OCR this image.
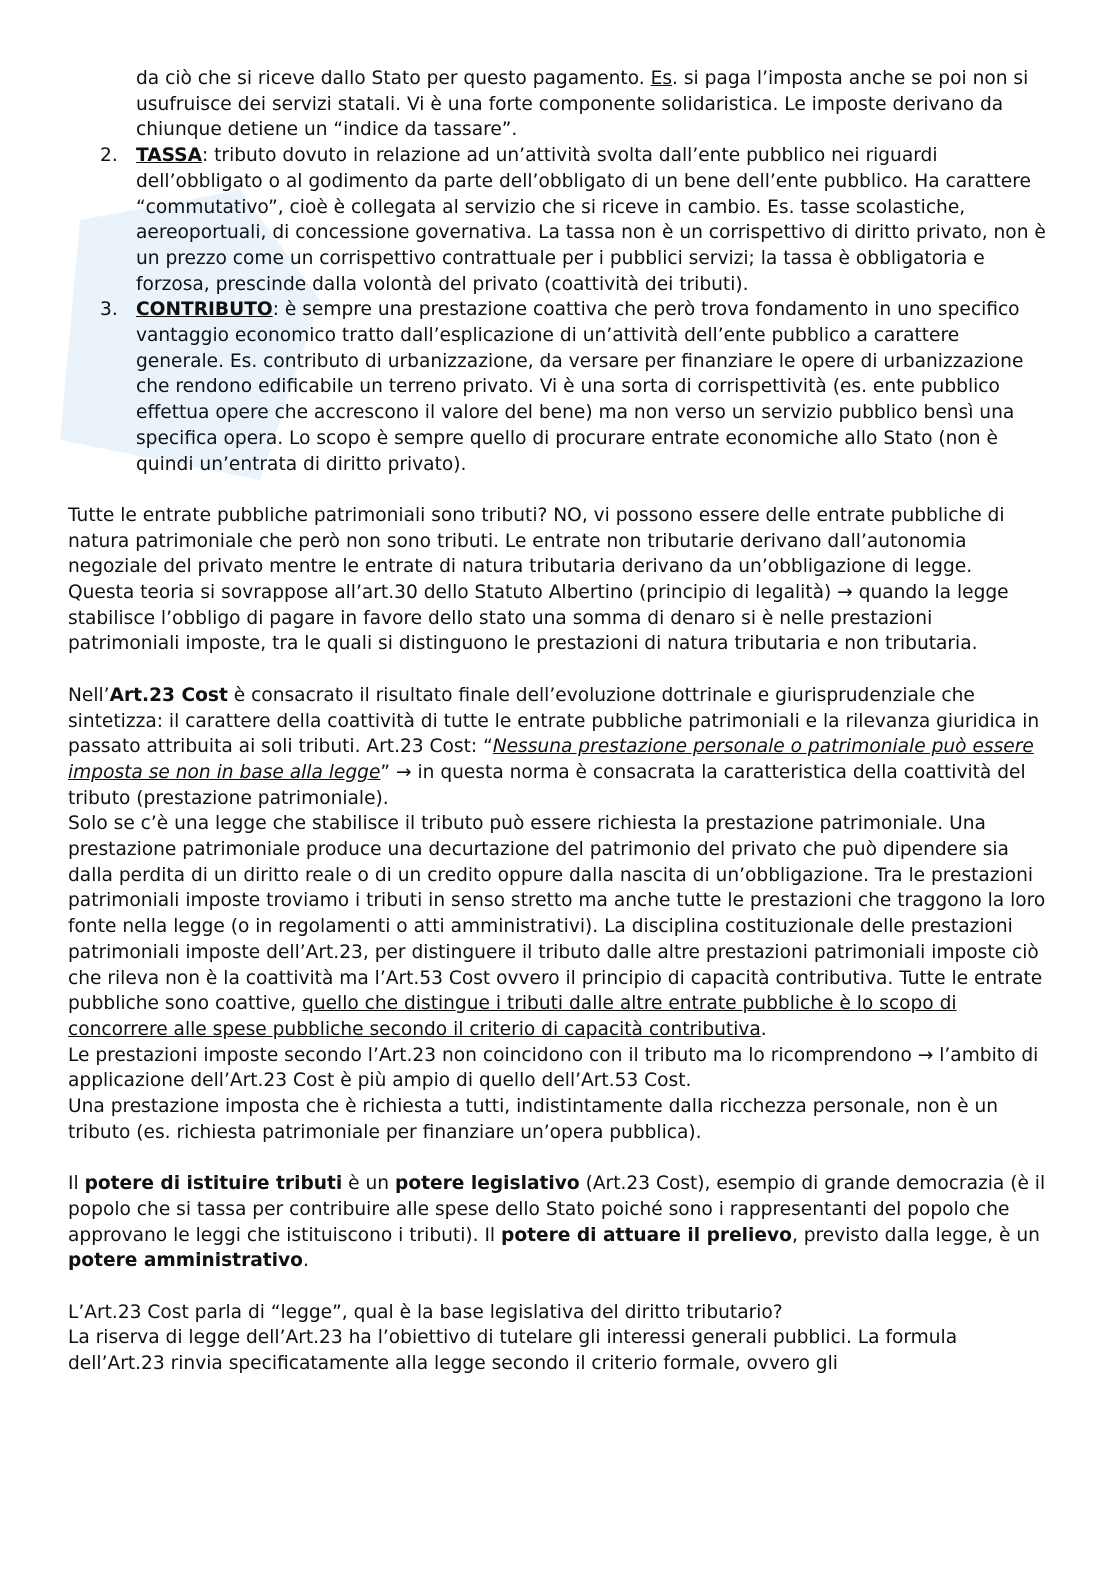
da ciò che si riceve dallo Stato per questo pagamento. Es. si paga l’imposta anche se poi non si usufruisce dei servizi statali. Vi è una forte componente solidaristica. Le imposte derivano da chiunque detiene un “indice da tassare”.

2. TASSA: tributo dovuto in relazione ad un’attività svolta dall’ente pubblico nei riguardi dell’obbligato o al godimento da parte dell’obbligato di un bene dell’ente pubblico. Ha carattere “commutativo”, cioè è collegata al servizio che si riceve in cambio. Es. tasse scolastiche, aereoportuali, di concessione governativa. La tassa non è un corrispettivo di diritto privato, non è un prezzo come un corrispettivo contrattuale per i pubblici servizi; la tassa è obbligatoria e forzosa, prescinde dalla volontà del privato (coattività dei tributi).
3. CONTRIBUTO: è sempre una prestazione coattiva che però trova fondamento in uno specifico vantaggio economico tratto dall’esplicazione di un’attività dell’ente pubblico a carattere generale. Es. contributo di urbanizzazione, da versare per finanziare le opere di urbanizzazione che rendono edificabile un terreno privato. Vi è una sorta di corrispettività (es. ente pubblico effettua opere che accrescono il valore del bene) ma non verso un servizio pubblico bensì una specifica opera. Lo scopo è sempre quello di procurare entrate economiche allo Stato (non è quindi un’entrata di diritto privato).

Tutte le entrate pubbliche patrimoniali sono tributi? NO, vi possono essere delle entrate pubbliche di natura patrimoniale che però non sono tributi. Le entrate non tributarie derivano dall’autonomia negoziale del privato mentre le entrate di natura tributaria derivano da un’obbligazione di legge.

Questa teoria si sovrappose all’art.30 dello Statuto Albertino (principio di legalità) → quando la legge stabilisce l’obbligo di pagare in favore dello stato una somma di denaro si è nelle prestazioni patrimoniali imposte, tra le quali si distinguono le prestazioni di natura tributaria e non tributaria.

Nell’Art.23 Cost è consacrato il risultato finale dell’evoluzione dottrinale e giurisprudenziale che sintetizza: il carattere della coattività di tutte le entrate pubbliche patrimoniali e la rilevanza giuridica in passato attribuita ai soli tributi. Art.23 Cost: “Nessuna prestazione personale o patrimoniale può essere imposta se non in base alla legge” → in questa norma è consacrata la caratteristica della coattività del tributo (prestazione patrimoniale).

Solo se c’è una legge che stabilisce il tributo può essere richiesta la prestazione patrimoniale. Una prestazione patrimoniale produce una decurtazione del patrimonio del privato che può dipendere sia dalla perdita di un diritto reale o di un credito oppure dalla nascita di un’obbligazione. Tra le prestazioni patrimoniali imposte troviamo i tributi in senso stretto ma anche tutte le prestazioni che traggono la loro fonte nella legge (o in regolamenti o atti amministrativi). La disciplina costituzionale delle prestazioni patrimoniali imposte dell’Art.23, per distinguere il tributo dalle altre prestazioni patrimoniali imposte ciò che rileva non è la coattività ma l’Art.53 Cost ovvero il principio di capacità contributiva. Tutte le entrate pubbliche sono coattive, quello che distingue i tributi dalle altre entrate pubbliche è lo scopo di concorrere alle spese pubbliche secondo il criterio di capacità contributiva.

Le prestazioni imposte secondo l’Art.23 non coincidono con il tributo ma lo ricomprendono → l’ambito di applicazione dell’Art.23 Cost è più ampio di quello dell’Art.53 Cost.

Una prestazione imposta che è richiesta a tutti, indistintamente dalla ricchezza personale, non è un tributo (es. richiesta patrimoniale per finanziare un’opera pubblica).

Il potere di istituire tributi è un potere legislativo (Art.23 Cost), esempio di grande democrazia (è il popolo che si tassa per contribuire alle spese dello Stato poiché sono i rappresentanti del popolo che approvano le leggi che istituiscono i tributi). Il potere di attuare il prelievo, previsto dalla legge, è un potere amministrativo.

L’Art.23 Cost parla di “legge”, qual è la base legislativa del diritto tributario?

La riserva di legge dell’Art.23 ha l’obiettivo di tutelare gli interessi generali pubblici. La formula dell’Art.23 rinvia specificatamente alla legge secondo il criterio formale, ovvero gli
